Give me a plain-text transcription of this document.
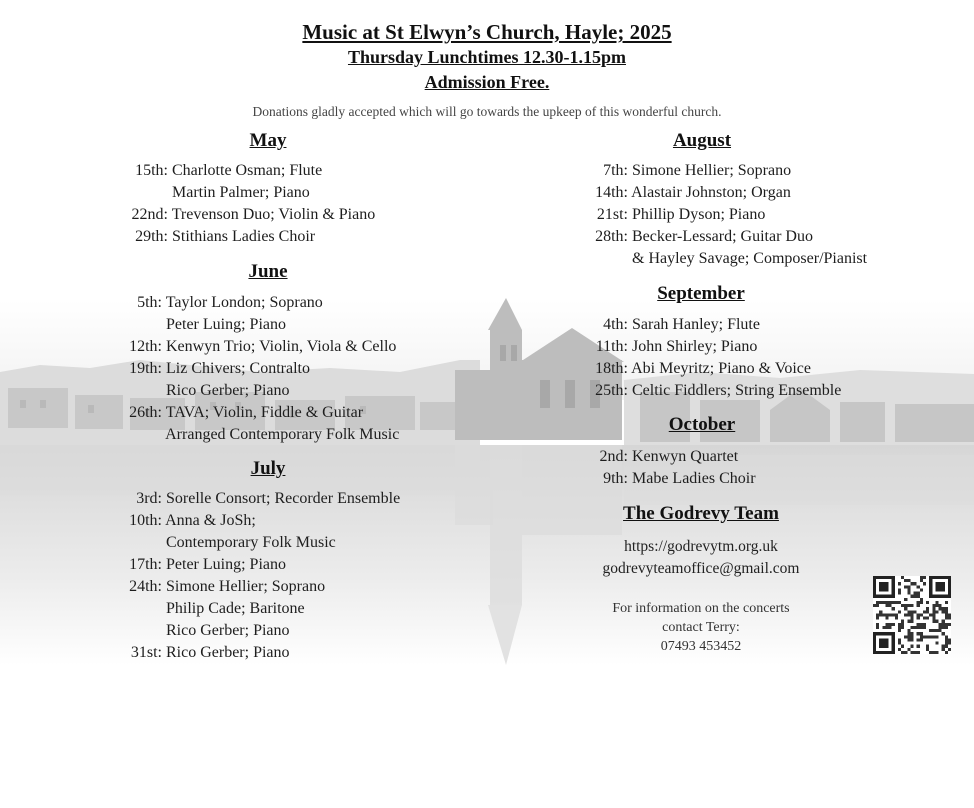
Music at St Elwyn’s Church, Hayle; 2025
Thursday Lunchtimes 12.30-1.15pm
Admission Free.
Donations gladly accepted which will go towards the upkeep of this wonderful church.
May
15th: Charlotte Osman; Flute
Martin Palmer; Piano
22nd: Trevenson Duo; Violin & Piano
29th: Stithians Ladies Choir
June
5th: Taylor London; Soprano
Peter Luing; Piano
12th: Kenwyn Trio; Violin, Viola & Cello
19th: Liz Chivers; Contralto
Rico Gerber; Piano
26th: TAVA; Violin, Fiddle & Guitar
Arranged Contemporary Folk Music
July
3rd: Sorelle Consort; Recorder Ensemble
10th: Anna & JoSh;
Contemporary Folk Music
17th: Peter Luing; Piano
24th: Simone Hellier; Soprano
Philip Cade; Baritone
Rico Gerber; Piano
31st: Rico Gerber; Piano
August
7th: Simone Hellier; Soprano
14th: Alastair Johnston; Organ
21st: Phillip Dyson; Piano
28th: Becker-Lessard; Guitar Duo
& Hayley Savage; Composer/Pianist
September
4th: Sarah Hanley; Flute
11th: John Shirley; Piano
18th: Abi Meyritz; Piano & Voice
25th: Celtic Fiddlers; String Ensemble
October
2nd: Kenwyn Quartet
9th: Mabe Ladies Choir
The Godrevy Team
https://godrevytm.org.uk
godrevyteamoffice@gmail.com
For information on the concerts
contact Terry:
07493 453452
